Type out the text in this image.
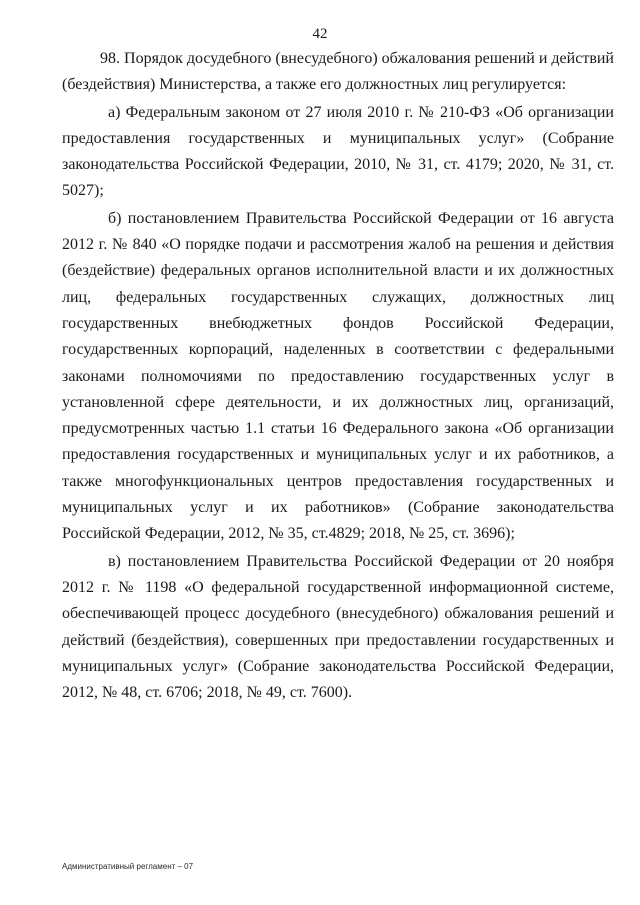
42

98. Порядок досудебного (внесудебного) обжалования решений и действий (бездействия) Министерства, а также его должностных лиц регулируется:

а) Федеральным законом от 27 июля 2010 г. № 210-ФЗ «Об организации предоставления государственных и муниципальных услуг» (Собрание законодательства Российской Федерации, 2010, № 31, ст. 4179; 2020, № 31, ст. 5027);

б) постановлением Правительства Российской Федерации от 16 августа 2012 г. № 840 «О порядке подачи и рассмотрения жалоб на решения и действия (бездействие) федеральных органов исполнительной власти и их должностных лиц, федеральных государственных служащих, должностных лиц государственных внебюджетных фондов Российской Федерации, государственных корпораций, наделенных в соответствии с федеральными законами полномочиями по предоставлению государственных услуг в установленной сфере деятельности, и их должностных лиц, организаций, предусмотренных частью 1.1 статьи 16 Федерального закона «Об организации предоставления государственных и муниципальных услуг и их работников, а также многофункциональных центров предоставления государственных и муниципальных услуг и их работников» (Собрание законодательства Российской Федерации, 2012, № 35, ст.4829; 2018, № 25, ст. 3696);

в) постановлением Правительства Российской Федерации от 20 ноября 2012 г. № 1198 «О федеральной государственной информационной системе, обеспечивающей процесс досудебного (внесудебного) обжалования решений и действий (бездействия), совершенных при предоставлении государственных и муниципальных услуг» (Собрание законодательства Российской Федерации, 2012, № 48, ст. 6706; 2018, № 49, ст. 7600).

Административный регламент – 07
